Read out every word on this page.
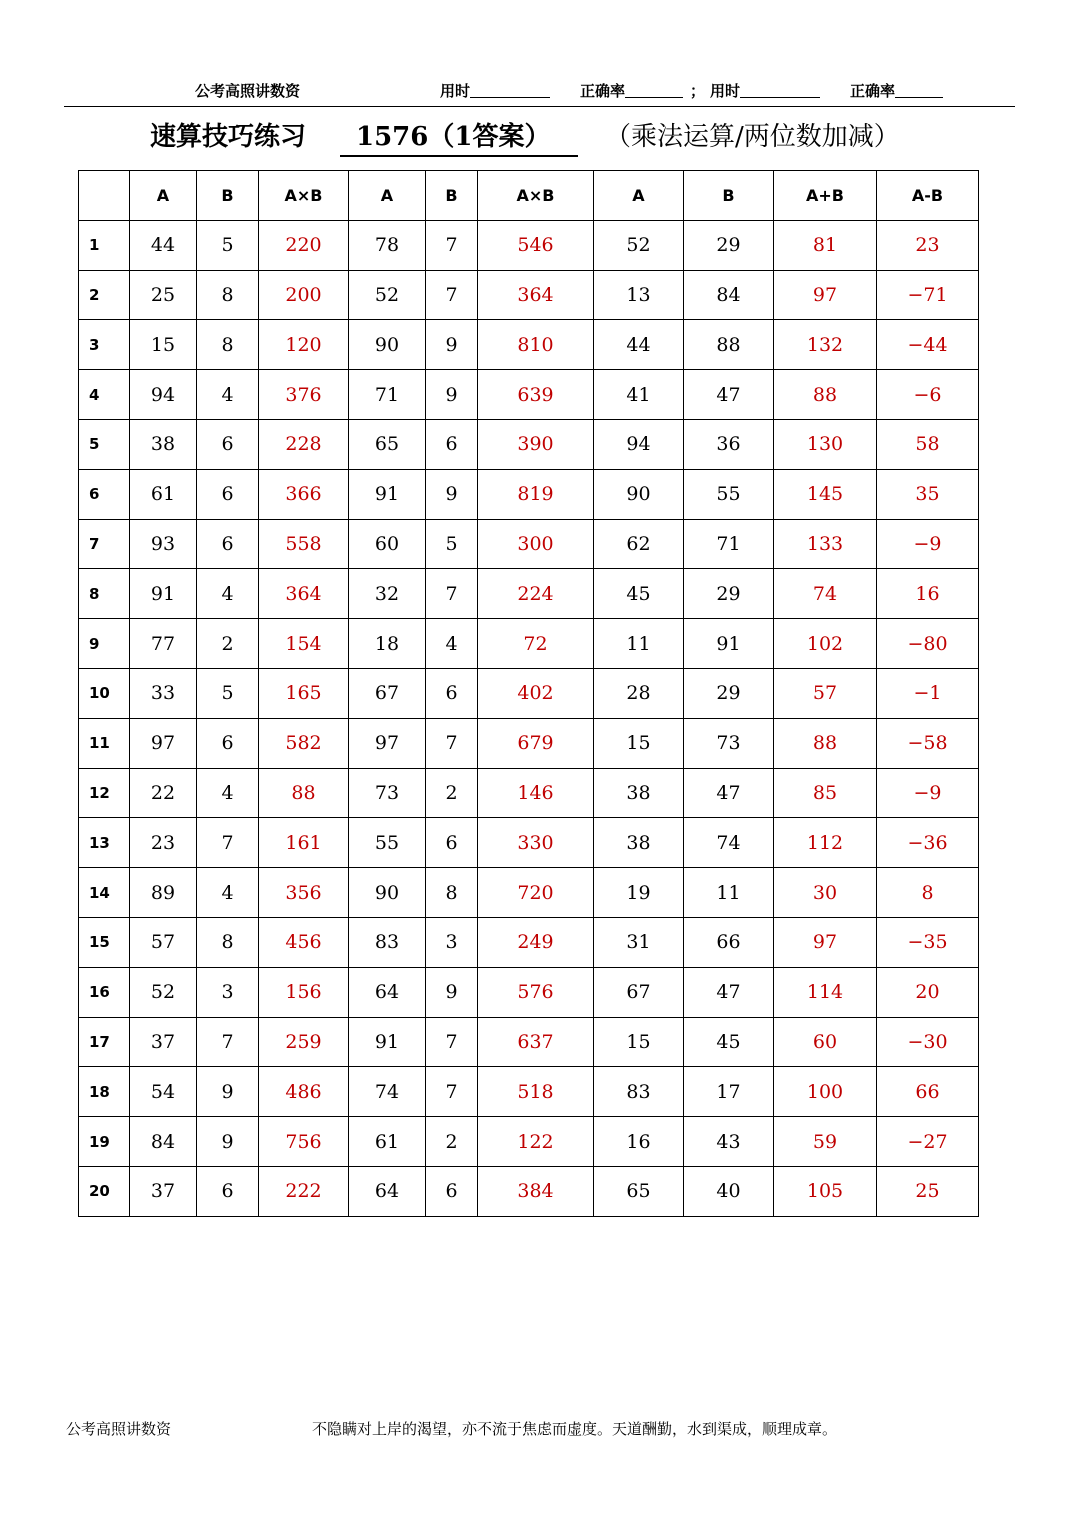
公考高照讲数资	用时	正确率	； 用时	正确率
速算技巧练习	1576（1答案）	（乘法运算/两位数加减）
	A	B	A×B	A	B	A×B	A	B	A+B	A-B
1	44	5	220	78	7	546	52	29	81	23
2	25	8	200	52	7	364	13	84	97	−71
3	15	8	120	90	9	810	44	88	132	−44
4	94	4	376	71	9	639	41	47	88	−6
5	38	6	228	65	6	390	94	36	130	58
6	61	6	366	91	9	819	90	55	145	35
7	93	6	558	60	5	300	62	71	133	−9
8	91	4	364	32	7	224	45	29	74	16
9	77	2	154	18	4	72	11	91	102	−80
10	33	5	165	67	6	402	28	29	57	−1
11	97	6	582	97	7	679	15	73	88	−58
12	22	4	88	73	2	146	38	47	85	−9
13	23	7	161	55	6	330	38	74	112	−36
14	89	4	356	90	8	720	19	11	30	8
15	57	8	456	83	3	249	31	66	97	−35
16	52	3	156	64	9	576	67	47	114	20
17	37	7	259	91	7	637	15	45	60	−30
18	54	9	486	74	7	518	83	17	100	66
19	84	9	756	61	2	122	16	43	59	−27
20	37	6	222	64	6	384	65	40	105	25
公考高照讲数资	不隐瞒对上岸的渴望，亦不流于焦虑而虚度。天道酬勤，水到渠成，顺理成章。
